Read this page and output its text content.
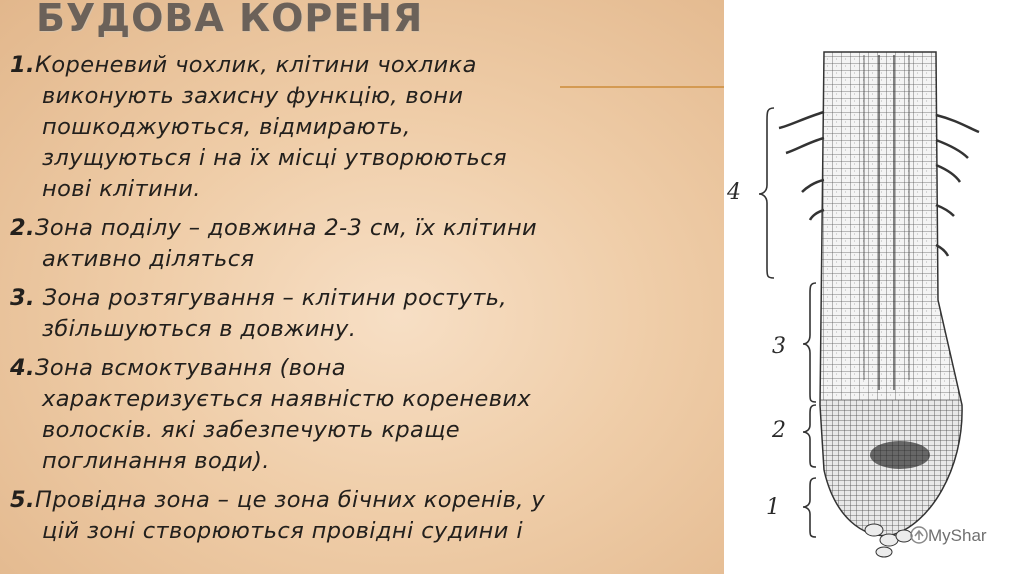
БУДОВА КОРЕНЯ
1.Кореневий чохлик, клітини чохлика
виконують захисну функцію, вони
пошкоджуються, відмирають,
злущуються і на їх місці утворюються
нові клітини.
2.Зона поділу – довжина 2-3 см, їх клітини
активно діляться
3. Зона розтягування – клітини ростуть,
збільшуються в довжину.
4.Зона всмоктування (вона
характеризується наявністю кореневих
волосків. які забезпечують краще
поглинання води).
5.Провідна зона – це зона бічних коренів, у
цій зоні створюються провідні судини і
4
3
2
1
MyShar
